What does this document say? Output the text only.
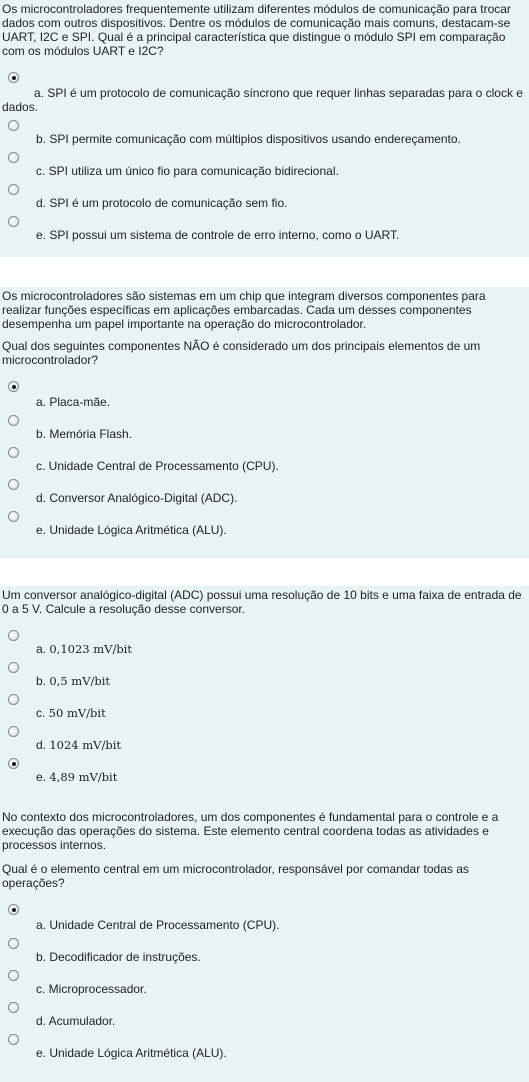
Os microcontroladores frequentemente utilizam diferentes módulos de comunicação para trocar dados com outros dispositivos. Dentre os módulos de comunicação mais comuns, destacam-se UART, I2C e SPI. Qual é a principal característica que distingue o módulo SPI em comparação com os módulos UART e I2C?

a. SPI é um protocolo de comunicação síncrono que requer linhas separadas para o clock e dados.

b. SPI permite comunicação com múltiplos dispositivos usando endereçamento.

c. SPI utiliza um único fio para comunicação bidirecional.

d. SPI é um protocolo de comunicação sem fio.

e. SPI possui um sistema de controle de erro interno, como o UART.

Os microcontroladores são sistemas em um chip que integram diversos componentes para realizar funções específicas em aplicações embarcadas. Cada um desses componentes desempenha um papel importante na operação do microcontrolador.

Qual dos seguintes componentes NÃO é considerado um dos principais elementos de um microcontrolador?

a. Placa-mãe.

b. Memória Flash.

c. Unidade Central de Processamento (CPU).

d. Conversor Analógico-Digital (ADC).

e. Unidade Lógica Aritmética (ALU).

Um conversor analógico-digital (ADC) possui uma resolução de 10 bits e uma faixa de entrada de 0 a 5 V. Calcule a resolução desse conversor.

a. 0,1023 mV/bit

b. 0,5 mV/bit

c. 50 mV/bit

d. 1024 mV/bit

e. 4,89 mV/bit

No contexto dos microcontroladores, um dos componentes é fundamental para o controle e a execução das operações do sistema. Este elemento central coordena todas as atividades e processos internos.

Qual é o elemento central em um microcontrolador, responsável por comandar todas as operações?

a. Unidade Central de Processamento (CPU).

b. Decodificador de instruções.

c. Microprocessador.

d. Acumulador.

e. Unidade Lógica Aritmética (ALU).
